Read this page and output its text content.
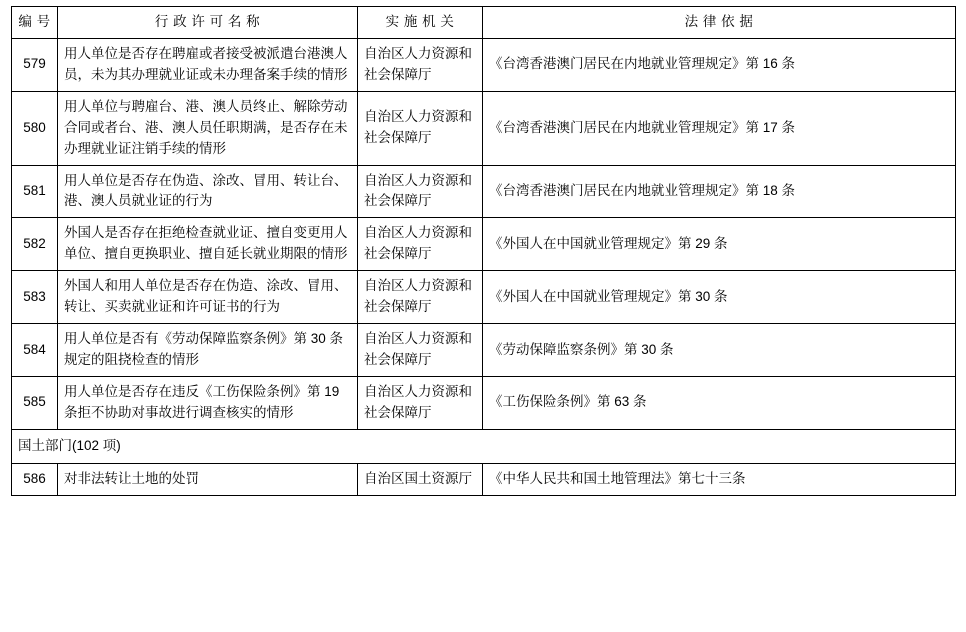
编 号	行 政 许 可 名 称	实 施 机 关	法 律 依 据
579	用人单位是否存在聘雇或者接受被派遣台港澳人员，未为其办理就业证或未办理备案手续的情形	自治区人力资源和社会保障厅	《台湾香港澳门居民在内地就业管理规定》第 16 条
580	用人单位与聘雇台、港、澳人员终止、解除劳动合同或者台、港、澳人员任职期满，是否存在未办理就业证注销手续的情形	自治区人力资源和社会保障厅	《台湾香港澳门居民在内地就业管理规定》第 17 条
581	用人单位是否存在伪造、涂改、冒用、转让台、港、澳人员就业证的行为	自治区人力资源和社会保障厅	《台湾香港澳门居民在内地就业管理规定》第 18 条
582	外国人是否存在拒绝检查就业证、擅自变更用人单位、擅自更换职业、擅自延长就业期限的情形	自治区人力资源和社会保障厅	《外国人在中国就业管理规定》第 29 条
583	外国人和用人单位是否存在伪造、涂改、冒用、转让、买卖就业证和许可证书的行为	自治区人力资源和社会保障厅	《外国人在中国就业管理规定》第 30 条
584	用人单位是否有《劳动保障监察条例》第 30 条规定的阻挠检查的情形	自治区人力资源和社会保障厅	《劳动保障监察条例》第 30 条
585	用人单位是否存在违反《工伤保险条例》第 19 条拒不协助对事故进行调查核实的情形	自治区人力资源和社会保障厅	《工伤保险条例》第 63 条
国土部门(102 项)			
586	对非法转让土地的处罚	自治区国土资源厅	《中华人民共和国土地管理法》第七十三条
